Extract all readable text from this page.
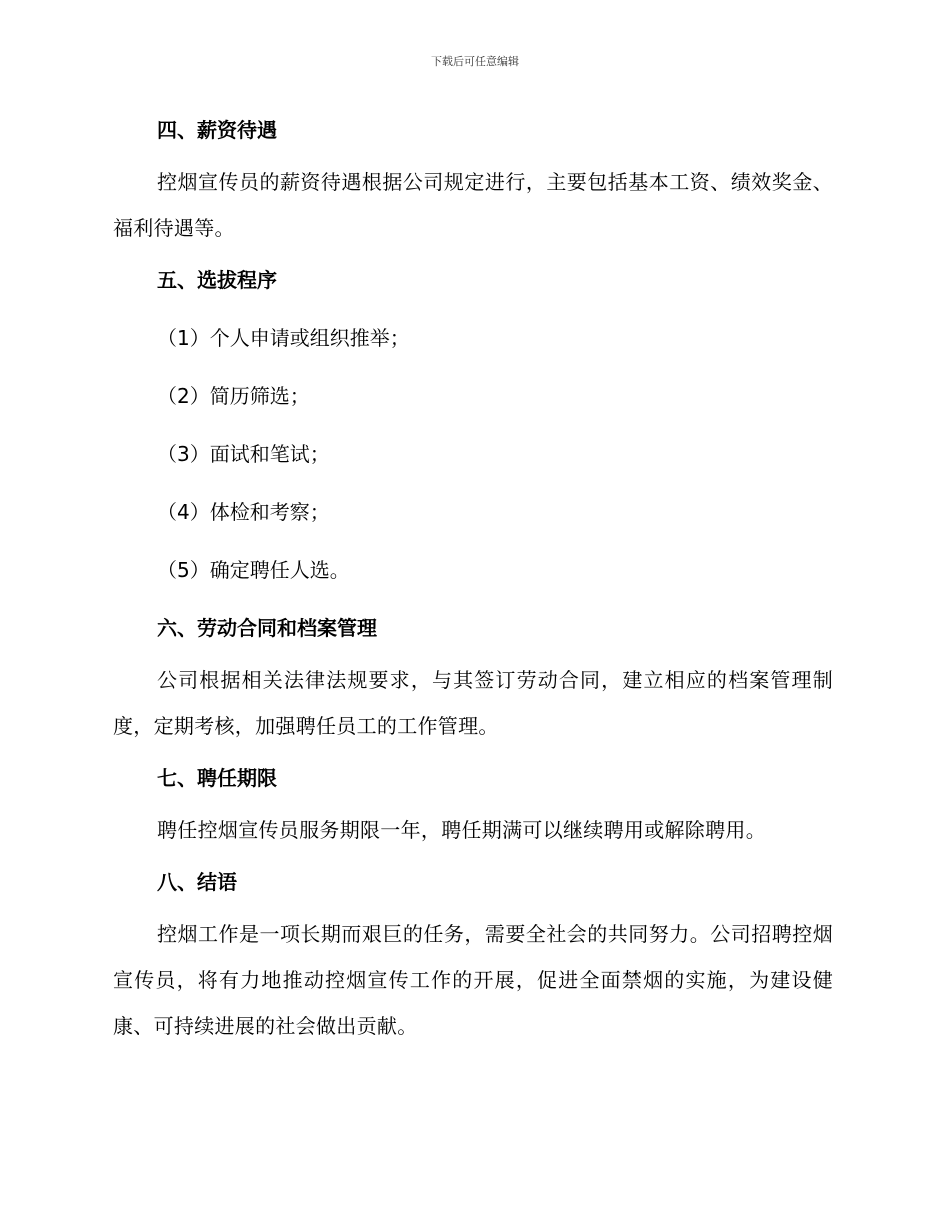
下载后可任意编辑
四、薪资待遇

控烟宣传员的薪资待遇根据公司规定进行，主要包括基本工资、绩效奖金、福利待遇等。

五、选拔程序

（1）个人申请或组织推举；

（2）简历筛选；

（3）面试和笔试；

（4）体检和考察；

（5）确定聘任人选。

六、劳动合同和档案管理

公司根据相关法律法规要求，与其签订劳动合同，建立相应的档案管理制度，定期考核，加强聘任员工的工作管理。

七、聘任期限

聘任控烟宣传员服务期限一年，聘任期满可以继续聘用或解除聘用。

八、结语

控烟工作是一项长期而艰巨的任务，需要全社会的共同努力。公司招聘控烟宣传员，将有力地推动控烟宣传工作的开展，促进全面禁烟的实施，为建设健康、可持续进展的社会做出贡献。
